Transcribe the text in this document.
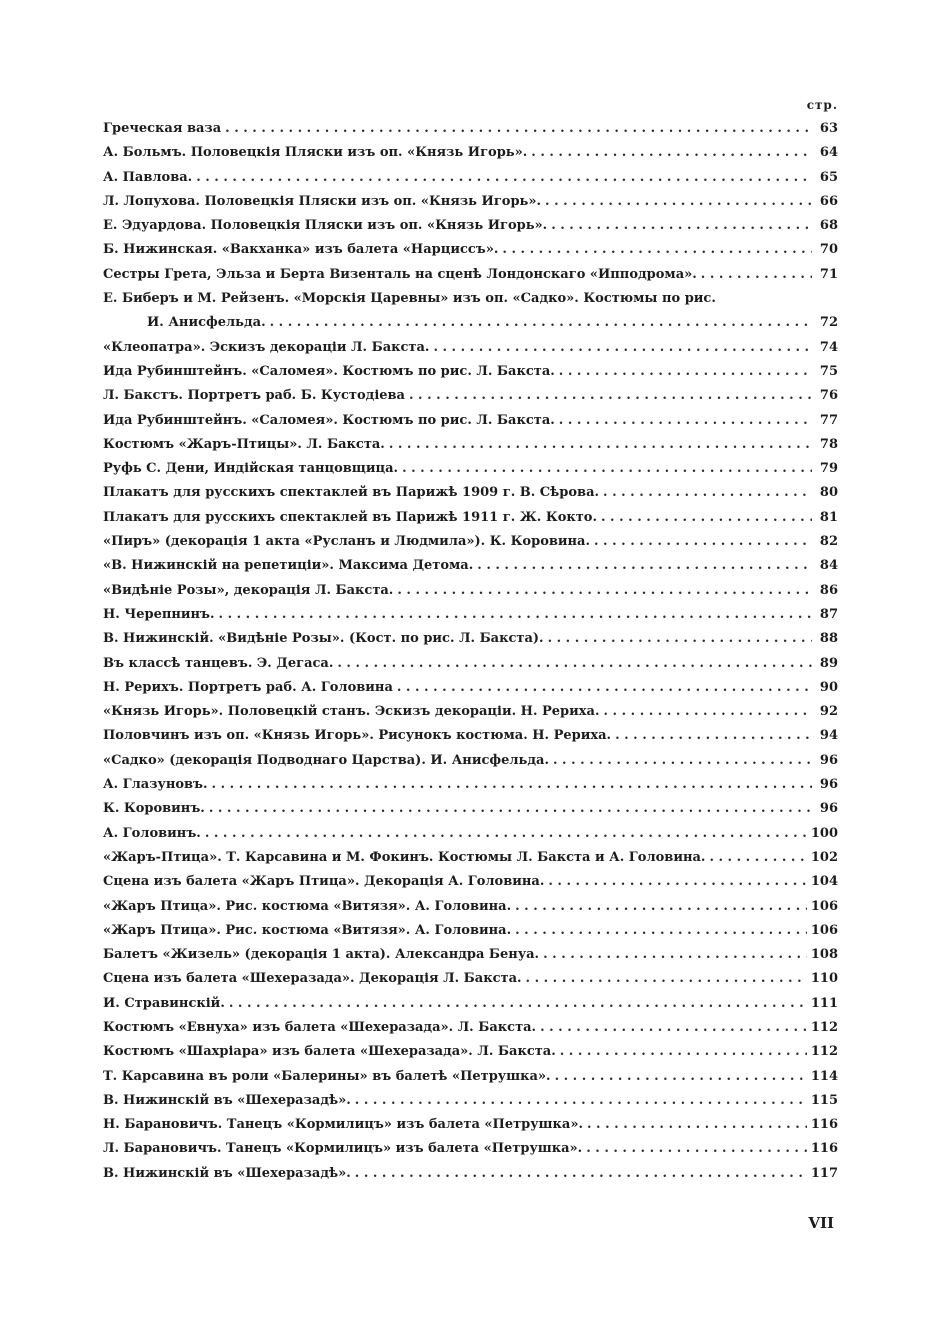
стр.
Греческая ваза . . .	63
А. Больмъ. Половецкія Пляски изъ оп. «Князь Игорь». . . .	64
А. Павлова. . . .	65
Л. Лопухова. Половецкія Пляски изъ оп. «Князь Игорь». . . .	66
Е. Эдуардова. Половецкія Пляски изъ оп. «Князь Игорь». . . .	68
Б. Нижинская. «Вакханка» изъ балета «Нарциссъ». . . .	70
Сестры Грета, Эльза и Берта Визенталь на сценѣ Лондонскаго «Ипподрома». . . .	71
Е. Биберъ и М. Рейзенъ. «Морскія Царевны» изъ оп. «Садко». Костюмы по рис.
И. Анисфельда. . . .	72
«Клеопатра». Эскизъ декораціи Л. Бакста. . . .	74
Ида Рубинштейнъ. «Саломея». Костюмъ по рис. Л. Бакста. . . .	75
Л. Бакстъ. Портретъ раб. Б. Кустодіева . . .	76
Ида Рубинштейнъ. «Саломея». Костюмъ по рис. Л. Бакста. . . .	77
Костюмъ «Жаръ-Птицы». Л. Бакста. . . .	78
Руфь С. Дени, Индійская танцовщица. . . .	79
Плакатъ для русскихъ спектаклей въ Парижѣ 1909 г. В. Сѣрова. . . .	80
Плакатъ для русскихъ спектаклей въ Парижѣ 1911 г. Ж. Кокто. . . .	81
«Пиръ» (декорація 1 акта «Русланъ и Людмила»). К. Коровина. . . .	82
«В. Нижинскій на репетиціи». Максима Детома. . . .	84
«Видѣніе Розы», декорація Л. Бакста. . . .	86
Н. Черепнинъ. . . .	87
В. Нижинскій. «Видѣніе Розы». (Кост. по рис. Л. Бакста). . . .	88
Въ классѣ танцевъ. Э. Дегаса. . . .	89
Н. Рерихъ. Портретъ раб. А. Головина . . .	90
«Князь Игорь». Половецкій станъ. Эскизъ декораціи. Н. Рериха. . . .	92
Половчинъ изъ оп. «Князь Игорь». Рисунокъ костюма. Н. Рериха. . . .	94
«Садко» (декорація Подводнаго Царства). И. Анисфельда. . . .	96
А. Глазуновъ. . . .	96
К. Коровинъ. . . .	96
А. Головинъ. . . .	100
«Жаръ-Птица». Т. Карсавина и М. Фокинъ. Костюмы Л. Бакста и А. Головина. . . .	102
Сцена изъ балета «Жаръ Птица». Декорація А. Головина. . . .	104
«Жаръ Птица». Рис. костюма «Витязя». А. Головина. . . .	106
«Жаръ Птица». Рис. костюма «Витязя». А. Головина. . . .	106
Балетъ «Жизель» (декорація 1 акта). Александра Бенуа. . . .	108
Сцена изъ балета «Шехеразада». Декорація Л. Бакста. . . .	110
И. Стравинскій. . . .	111
Костюмъ «Евнуха» изъ балета «Шехеразада». Л. Бакста. . . .	112
Костюмъ «Шахріара» изъ балета «Шехеразада». Л. Бакста. . . .	112
Т. Карсавина въ роли «Балерины» въ балетѣ «Петрушка». . . .	114
В. Нижинскій въ «Шехеразадѣ». . . .	115
Н. Барановичъ. Танецъ «Кормилицъ» изъ балета «Петрушка». . . .	116
Л. Барановичъ. Танецъ «Кормилицъ» изъ балета «Петрушка». . . .	116
В. Нижинскій въ «Шехеразадѣ». . . .	117
VII
